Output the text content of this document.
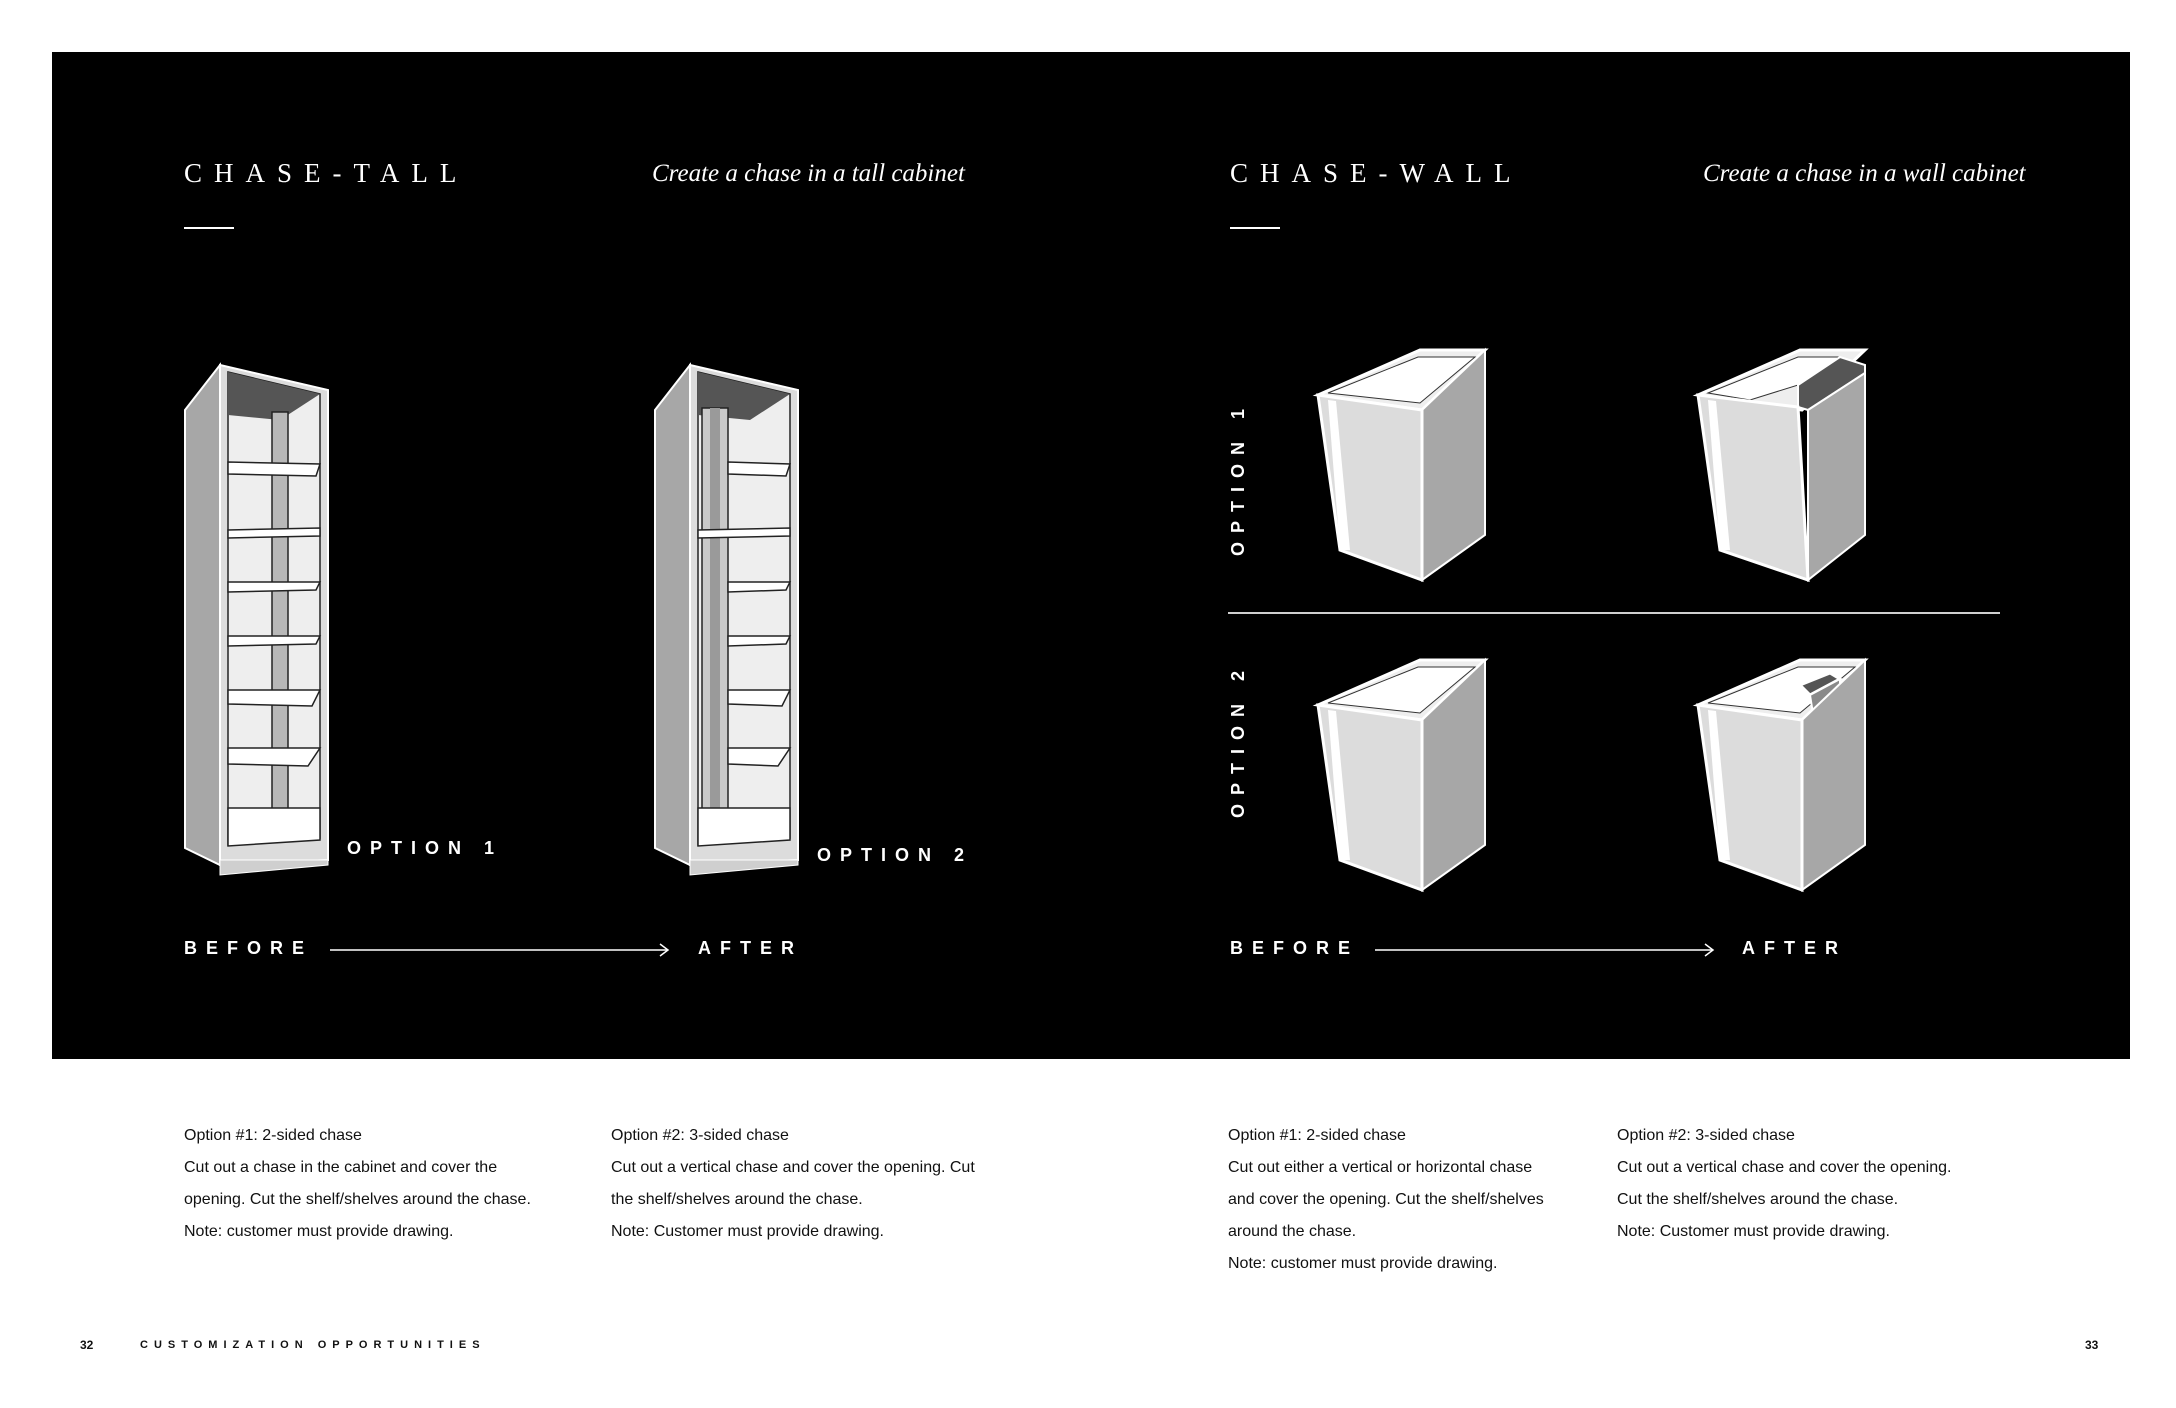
CHASE-TALL	Create a chase in a tall cabinet
OPTION 1	OPTION 2
BEFORE	AFTER
CHASE-WALL	Create a chase in a wall cabinet
OPTION 1
OPTION 2
BEFORE	AFTER
Option #1: 2-sided chase
Cut out a chase in the cabinet and cover the
opening. Cut the shelf/shelves around the chase.
Note: customer must provide drawing.
Option #2: 3-sided chase
Cut out a vertical chase and cover the opening. Cut
the shelf/shelves around the chase.
Note: Customer must provide drawing.
Option #1: 2-sided chase
Cut out either a vertical or horizontal chase
and cover the opening. Cut the shelf/shelves
around the chase.
Note: customer must provide drawing.
Option #2: 3-sided chase
Cut out a vertical chase and cover the opening.
Cut the shelf/shelves around the chase.
Note: Customer must provide drawing.
32	CUSTOMIZATION OPPORTUNITIES	33
